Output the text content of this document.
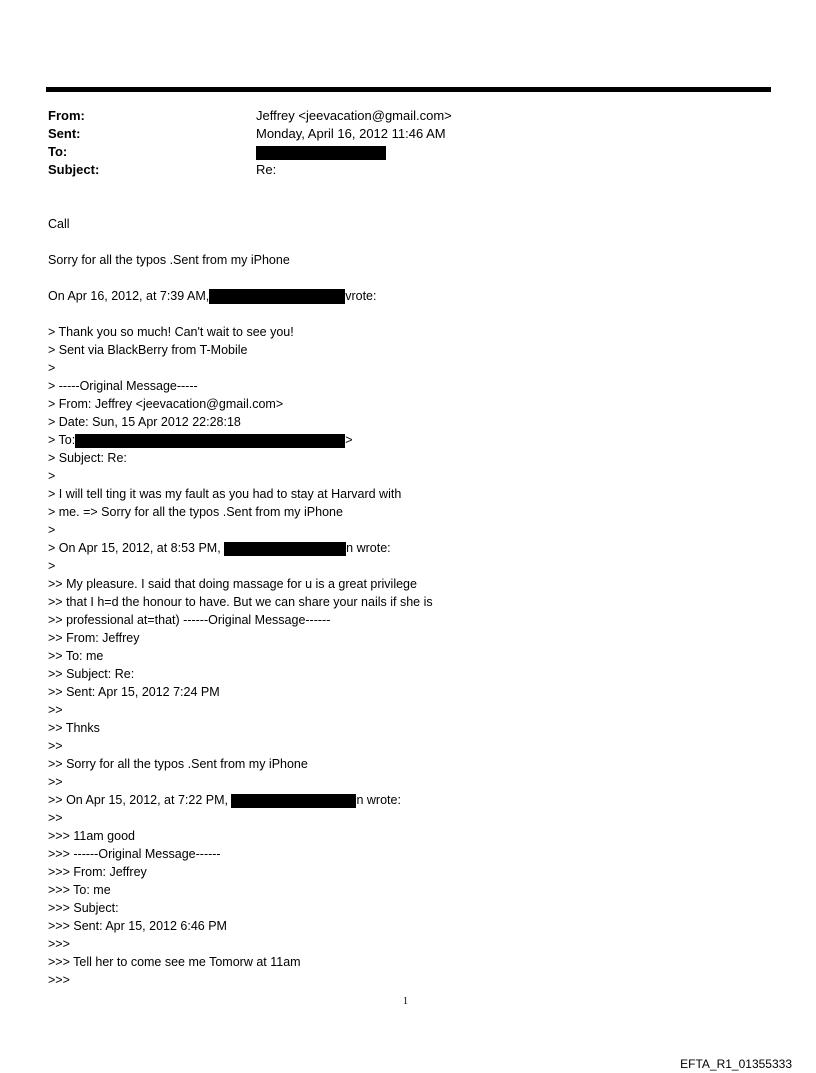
From:	Jeffrey <jeevacation@gmail.com>
Sent:	Monday, April 16, 2012 11:46 AM
To:
Subject:	Re:
Call
Sorry for all the typos .Sent from my iPhone
On Apr 16, 2012, at 7:39 AM,	vrote:
> Thank you so much! Can't wait to see you!
> Sent via BlackBerry from T-Mobile
>
> -----Original Message-----
> From: Jeffrey <jeevacation@gmail.com>
> Date: Sun, 15 Apr 2012 22:28:18
> To:	>
> Subject: Re:
>
> I will tell ting it was my fault as you had to stay at Harvard with
> me. => Sorry for all the typos .Sent from my iPhone
>
> On Apr 15, 2012, at 8:53 PM,	n wrote:
>
>> My pleasure. I said that doing massage for u is a great privilege
>> that I h=d the honour to have. But we can share your nails if she is
>> professional at=that) ------Original Message------
>> From: Jeffrey
>> To: me
>> Subject: Re:
>> Sent: Apr 15, 2012 7:24 PM
>>
>> Thnks
>>
>> Sorry for all the typos .Sent from my iPhone
>>
>> On Apr 15, 2012, at 7:22 PM,	n wrote:
>>
>>> 11am good
>>> ------Original Message------
>>> From: Jeffrey
>>> To: me
>>> Subject:
>>> Sent: Apr 15, 2012 6:46 PM
>>>
>>> Tell her to come see me Tomorw at 11am
>>>
1
EFTA_R1_01355333
